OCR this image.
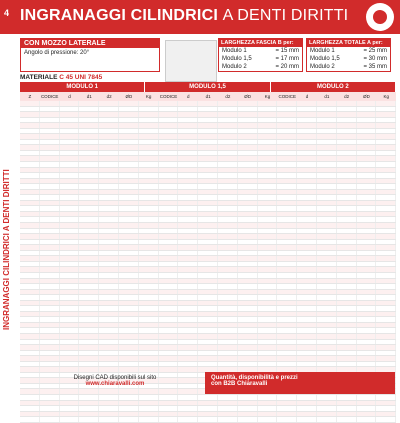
4 INGRANAGGI CILINDRICI A DENTI DIRITTI
INGRANAGGI CILINDRICI A DENTI DIRITTI
CON MOZZO LATERALE
Angolo di pressione: 20°
MATERIALE C 45 UNI 7845
LARGHEZZA FASCIA B per:
Modulo 1	= 15 mm
Modulo 1,5	= 17 mm
Modulo 2	= 20 mm
LARGHEZZA TOTALE A per:
Modulo 1	= 25 mm
Modulo 1,5	= 30 mm
Modulo 2	= 35 mm
MODULO 1	MODULO 1,5	MODULO 2
Z	CODICE	d	d1	d2	ØD	Kg	CODICE	d	d1	d2	ØD	Kg	CODICE	d	d1	d2	ØD	Kg
Disegni CAD disponibili sul sito
www.chiaravalli.com
Quantità, disponibilità e prezzi
con B2B Chiaravalli
